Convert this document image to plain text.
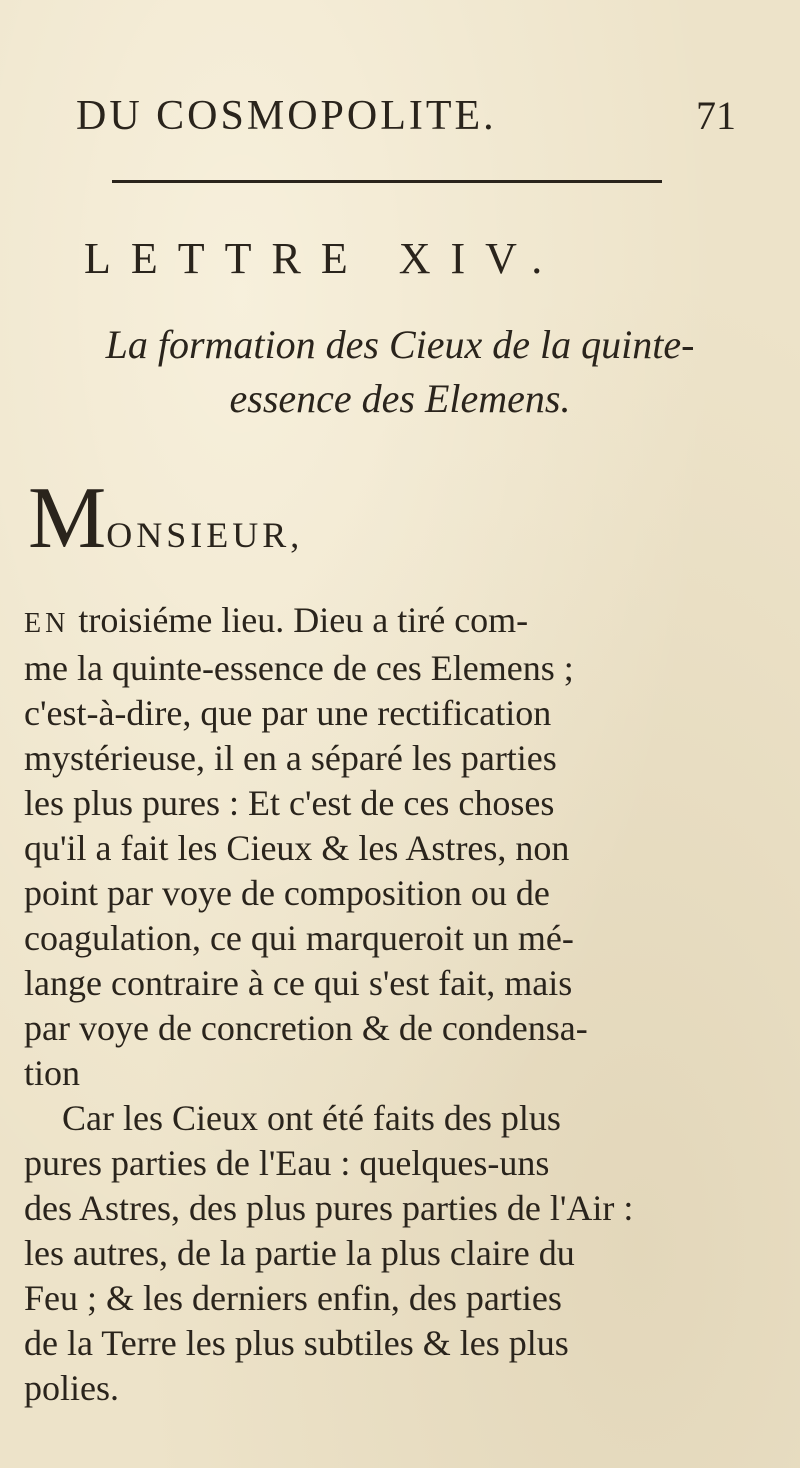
DU COSMOPOLITE.	71
LETTRE XIV.
La formation des Cieux de la quinte-
essence des Elemens.
MONSIEUR,
EN troisiéme lieu. Dieu a tiré com-
me la quinte-essence de ces Elemens ;
c'est-à-dire, que par une rectification
mystérieuse, il en a séparé les parties
les plus pures : Et c'est de ces choses
qu'il a fait les Cieux & les Astres, non
point par voye de composition ou de
coagulation, ce qui marqueroit un mé-
lange contraire à ce qui s'est fait, mais
par voye de concretion & de condensa-
tion
Car les Cieux ont été faits des plus
pures parties de l'Eau : quelques-uns
des Astres, des plus pures parties de l'Air :
les autres, de la partie la plus claire du
Feu ; & les derniers enfin, des parties
de la Terre les plus subtiles & les plus
polies.
